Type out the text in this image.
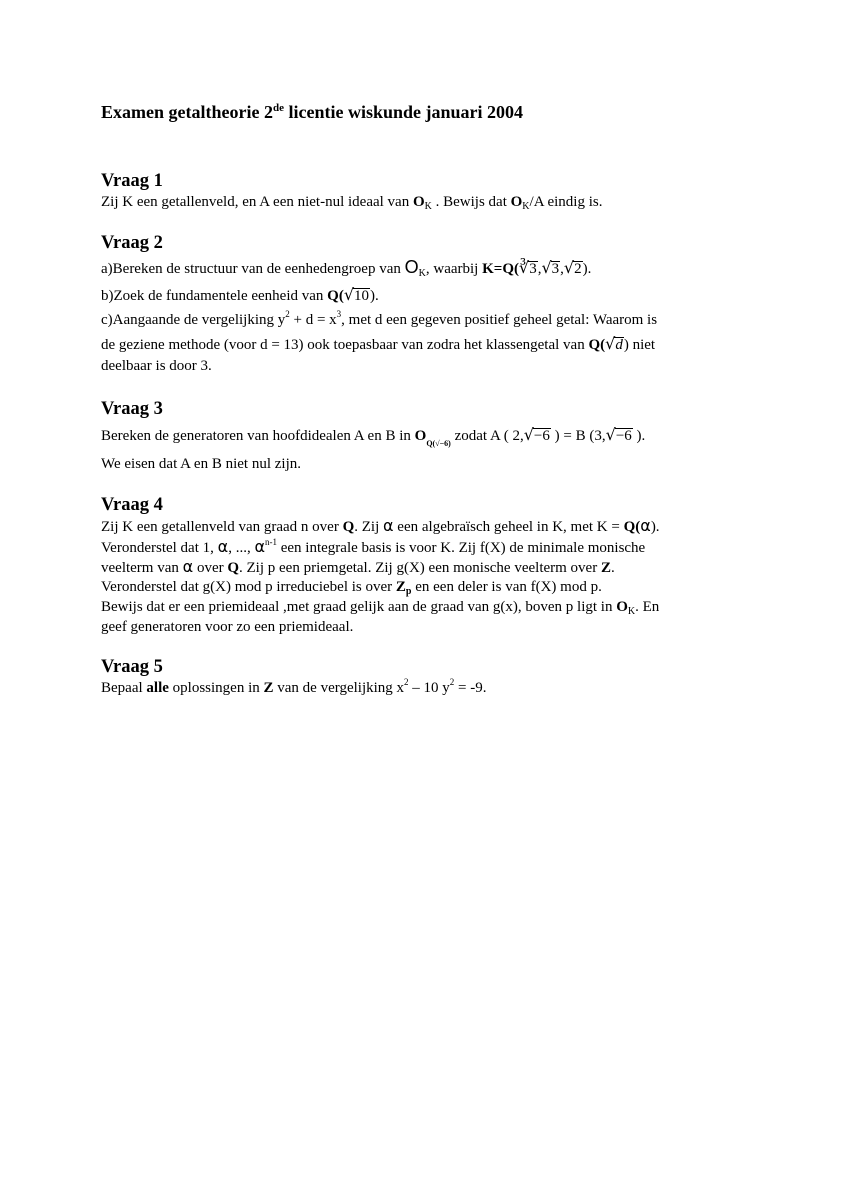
Examen getaltheorie 2de licentie wiskunde januari 2004
Vraag 1
Zij K een getallenveld, en A een niet-nul ideaal van $O_K$ . Bewijs dat $O_K/A$ eindig is.
Vraag 2
a)Bereken de structuur van de eenhedengroep van $O_K$, waarbij K=Q(∛3,√3,√2).
b)Zoek de fundamentele eenheid van Q(√10).
c)Aangaande de vergelijking $y^2 + d = x^3$, met d een gegeven positief geheel getal: Waarom is
de geziene methode (voor d = 13) ook toepasbaar van zodra het klassengetal van Q(√d) niet
deelbaar is door 3.
Vraag 3
Bereken de generatoren van hoofdidealen A en B in $O_{Q(√-6)}$ zodat A ( 2,√−6 ) = B (3,√−6 ).
We eisen dat A en B niet nul zijn.
Vraag 4
Zij K een getallenveld van graad n over Q. Zij α een algebraïsch geheel in K, met K = Q(α).
Veronderstel dat 1, α, ..., $\alpha^{n-1}$ een integrale basis is voor K. Zij f(X) de minimale monische
veelterm van α over Q. Zij p een priemgetal. Zij g(X) een monische veelterm over Z.
Veronderstel dat g(X) mod p irreduciebel is over $Z_p$ en een deler is van f(X) mod p.
Bewijs dat er een priemideaal ,met graad gelijk aan de graad van g(x), boven p ligt in $O_K$. En
geef generatoren voor zo een priemideaal.
Vraag 5
Bepaal alle oplossingen in Z van de vergelijking $x^2 - 10$ $y^2 = -9$.
